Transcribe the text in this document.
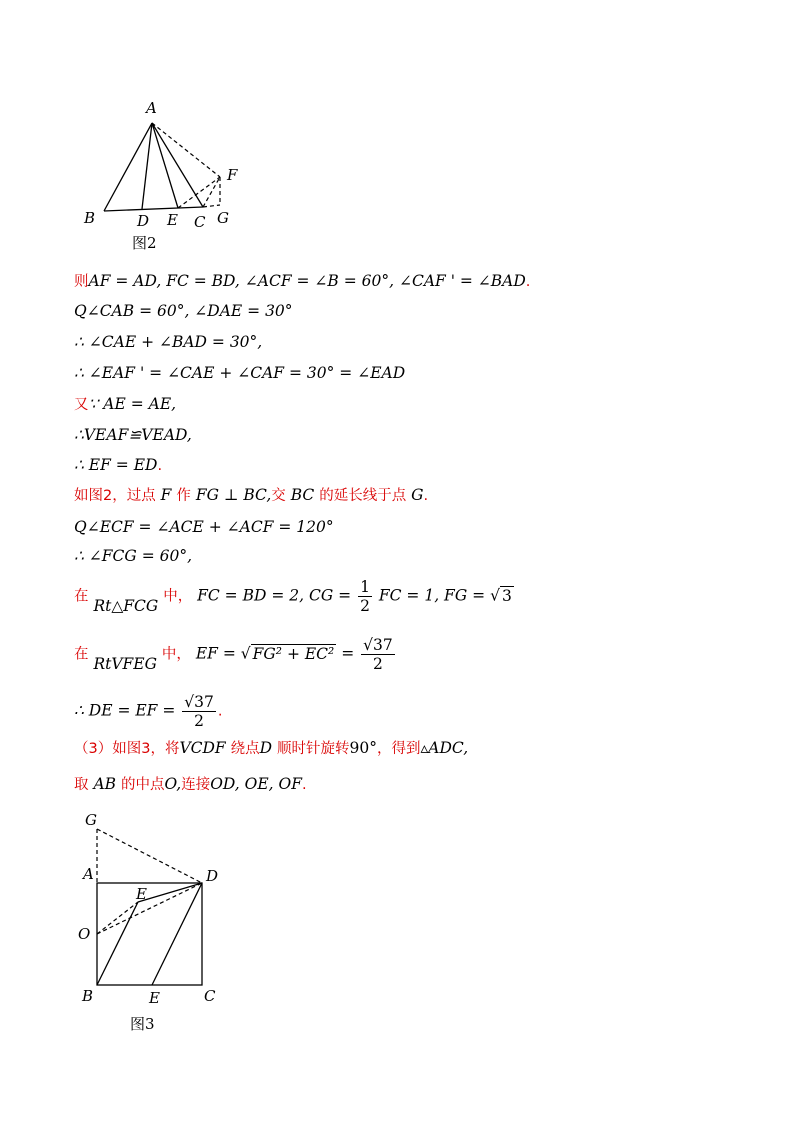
A
B	D E C G
F
图2
则AF = AD, FC = BD, ∠ACF = ∠B = 60°, ∠CAF ' = ∠BAD.
Q∠CAB = 60°, ∠DAE = 30°
∴ ∠CAE + ∠BAD = 30°,
∴ ∠EAF ' = ∠CAE + ∠CAF = 30° = ∠EAD
又∵ AE = AE,
∴VEAF≌VEAD,
∴ EF = ED.
如图2，过点 F 作 FG ⊥ BC,交 BC 的延长线于点 G.
Q∠ECF = ∠ACE + ∠ACF = 120°
∴ ∠FCG = 60°,
在 Rt△FCG 中， FC = BD = 2, CG = $\frac{1}{2}$ FC = 1, FG = √ 3
在 RtVFEG 中， EF = √ $FG^2 + EC^2 = \frac{√37}{2}$
∴ DE = EF = $\frac{√37}{2}$ .
（3）如图3，将VCDF 绕点D 顺时针旋转90°，得到▵ADC,
取 AB 的中点O,连接OD, OE, OF.
G
A	D
E
O
B	E	C
图3
